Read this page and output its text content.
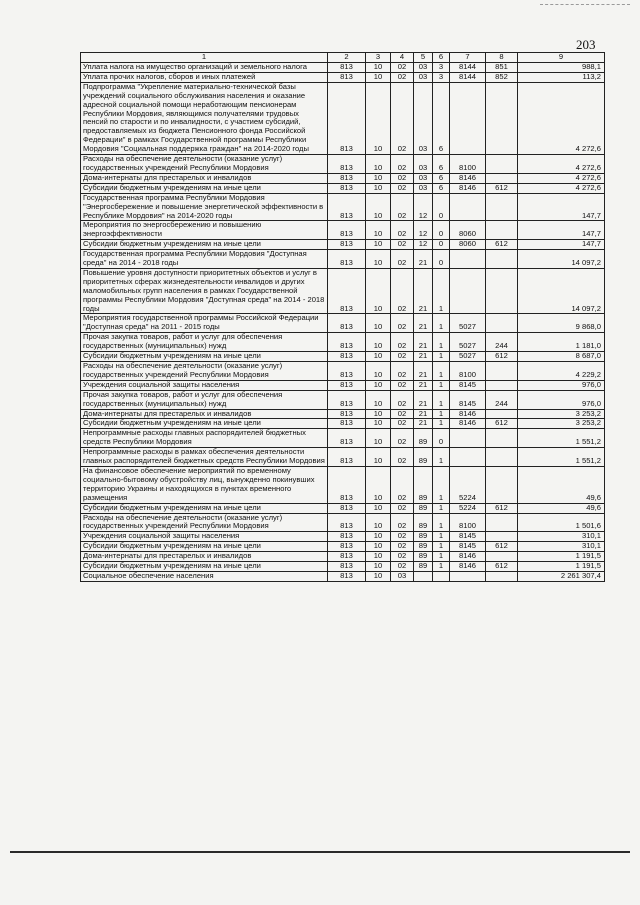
203
1	2	3	4	5	6	7	8	9
Уплата налога на имущество организаций и земельного налога	813	10	02	03	3	8144	851	988,1
Уплата прочих налогов, сборов и иных платежей	813	10	02	03	3	8144	852	113,2
Подпрограмма "Укрепление материально-технической базы учреждений социального обслуживания населения и оказание адресной социальной помощи неработающим пенсионерам Республики Мордовия, являющимся получателями трудовых пенсий по старости и по инвалидности, с участием субсидий, предоставляемых из бюджета Пенсионного фонда Российской Федерации" в рамках Государственной программы Республики Мордовия "Социальная поддержка граждан" на 2014-2020 годы	813	10	02	03	6			4 272,6
Расходы на обеспечение деятельности (оказание услуг) государственных учреждений Республики Мордовия	813	10	02	03	6	8100		4 272,6
Дома-интернаты для престарелых и инвалидов	813	10	02	03	6	8146		4 272,6
Субсидии бюджетным учреждениям на иные цели	813	10	02	03	6	8146	612	4 272,6
Государственная программа Республики Мордовия "Энергосбережение и повышение энергетической эффективности в Республике Мордовия" на 2014-2020 годы	813	10	02	12	0			147,7
Мероприятия по энергосбережению и повышению энергоэффективности	813	10	02	12	0	8060		147,7
Субсидии бюджетным учреждениям на иные цели	813	10	02	12	0	8060	612	147,7
Государственная программа Республики Мордовия "Доступная среда" на 2014 - 2018 годы	813	10	02	21	0			14 097,2
Повышение уровня доступности приоритетных объектов и услуг в приоритетных сферах жизнедеятельности инвалидов и других маломобильных групп населения в рамках Государственной программы Республики Мордовия "Доступная среда" на 2014 - 2018 годы	813	10	02	21	1			14 097,2
Мероприятия государственной программы Российской Федерации "Доступная среда" на 2011 - 2015 годы	813	10	02	21	1	5027		9 868,0
Прочая закупка товаров, работ и услуг для обеспечения государственных (муниципальных) нужд	813	10	02	21	1	5027	244	1 181,0
Субсидии бюджетным учреждениям на иные цели	813	10	02	21	1	5027	612	8 687,0
Расходы на обеспечение деятельности (оказание услуг) государственных учреждений Республики Мордовия	813	10	02	21	1	8100		4 229,2
Учреждения социальной защиты населения	813	10	02	21	1	8145		976,0
Прочая закупка товаров, работ и услуг для обеспечения государственных (муниципальных) нужд	813	10	02	21	1	8145	244	976,0
Дома-интернаты для престарелых и инвалидов	813	10	02	21	1	8146		3 253,2
Субсидии бюджетным учреждениям на иные цели	813	10	02	21	1	8146	612	3 253,2
Непрограммные расходы главных распорядителей бюджетных средств Республики Мордовия	813	10	02	89	0			1 551,2
Непрограммные расходы в рамках обеспечения деятельности главных распорядителей бюджетных средств Республики Мордовия	813	10	02	89	1			1 551,2
На финансовое обеспечение мероприятий по временному социально-бытовому обустройству лиц, вынужденно покинувших территорию Украины и находящихся в пунктах временного размещения	813	10	02	89	1	5224		49,6
Субсидии бюджетным учреждениям на иные цели	813	10	02	89	1	5224	612	49,6
Расходы на обеспечение деятельности (оказание услуг) государственных учреждений Республики Мордовия	813	10	02	89	1	8100		1 501,6
Учреждения социальной защиты населения	813	10	02	89	1	8145		310,1
Субсидии бюджетным учреждениям на иные цели	813	10	02	89	1	8145	612	310,1
Дома-интернаты для престарелых и инвалидов	813	10	02	89	1	8146		1 191,5
Субсидии бюджетным учреждениям на иные цели	813	10	02	89	1	8146	612	1 191,5
Социальное обеспечение населения	813	10	03					2 261 307,4
